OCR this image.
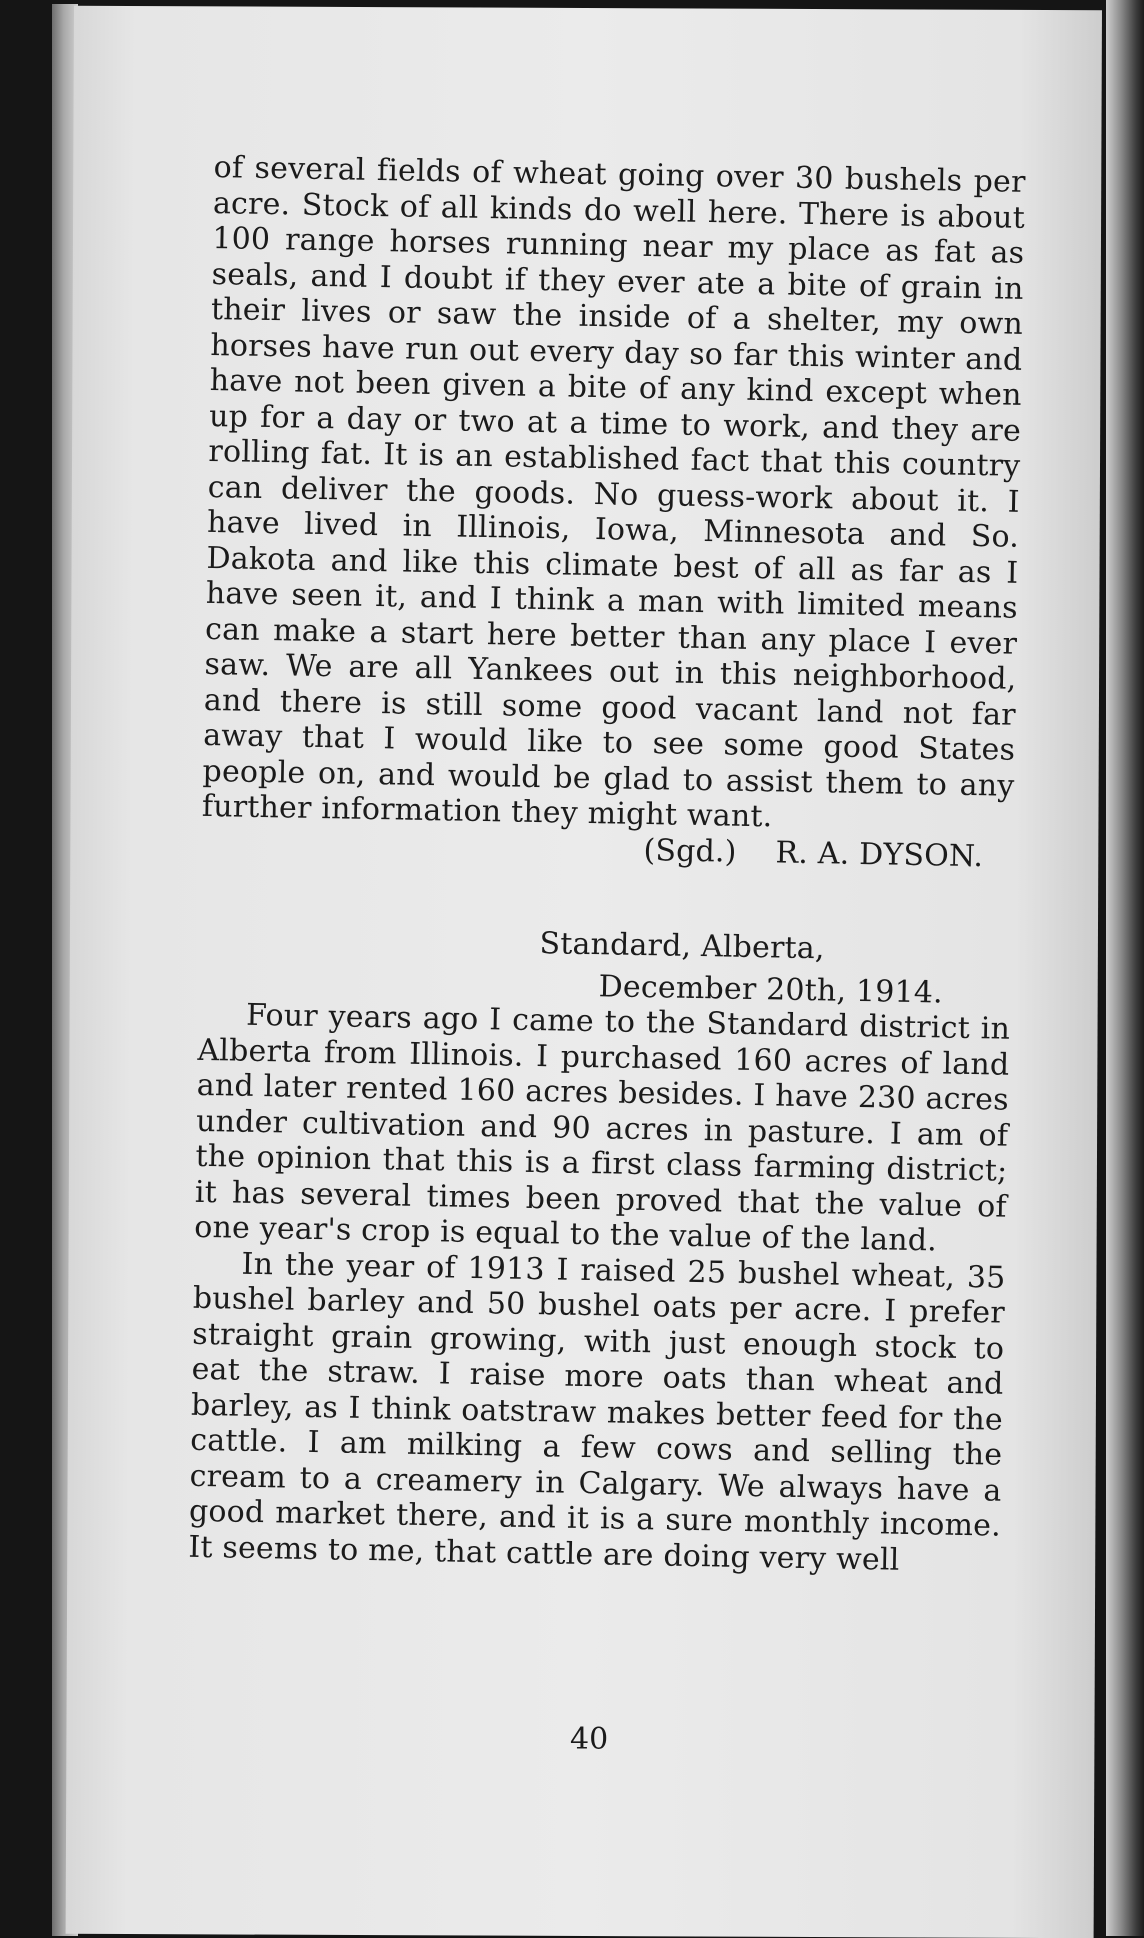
of several fields of wheat going over 30 bushels per acre. Stock of all kinds do well here. There is about 100 range horses running near my place as fat as seals, and I doubt if they ever ate a bite of grain in their lives or saw the inside of a shelter, my own horses have run out every day so far this winter and have not been given a bite of any kind except when up for a day or two at a time to work, and they are rolling fat. It is an established fact that this country can deliver the goods. No guess-work about it. I have lived in Illinois, Iowa, Minnesota and So. Dakota and like this climate best of all as far as I have seen it, and I think a man with limited means can make a start here better than any place I ever saw. We are all Yankees out in this neighborhood, and there is still some good vacant land not far away that I would like to see some good States people on, and would be glad to assist them to any further information they might want.

(Sgd.)    R. A. DYSON.

Standard, Alberta,

December 20th, 1914.

Four years ago I came to the Standard district in Alberta from Illinois. I purchased 160 acres of land and later rented 160 acres besides. I have 230 acres under cultivation and 90 acres in pasture. I am of the opinion that this is a first class farming district; it has several times been proved that the value of one year's crop is equal to the value of the land.

In the year of 1913 I raised 25 bushel wheat, 35 bushel barley and 50 bushel oats per acre. I prefer straight grain growing, with just enough stock to eat the straw. I raise more oats than wheat and barley, as I think oatstraw makes better feed for the cattle. I am milking a few cows and selling the cream to a creamery in Calgary. We always have a good market there, and it is a sure monthly income. It seems to me, that cattle are doing very well

40
